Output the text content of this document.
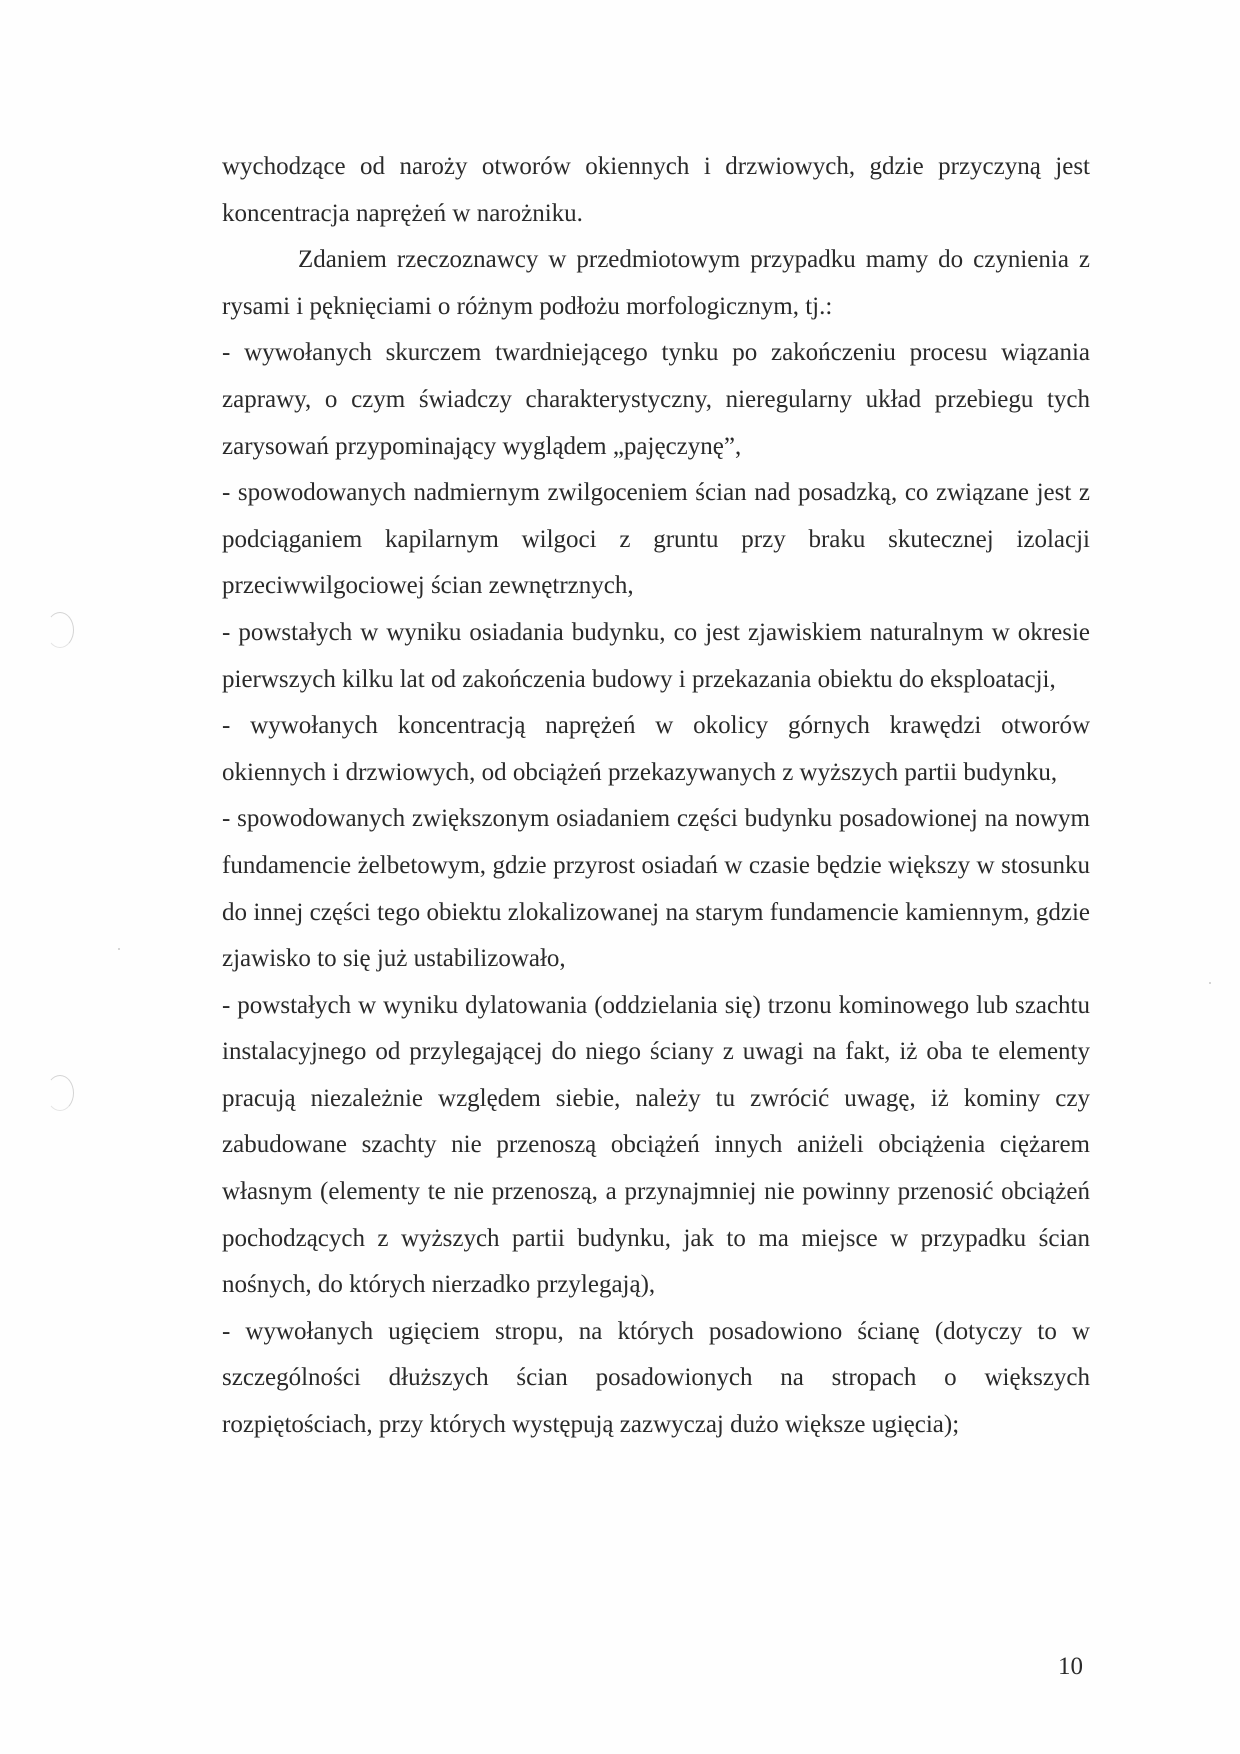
wychodzące od naroży otworów okiennych i drzwiowych, gdzie przyczyną jest koncentracja naprężeń w narożniku.

Zdaniem rzeczoznawcy w przedmiotowym przypadku mamy do czynienia z rysami i pęknięciami o różnym podłożu morfologicznym, tj.:

- wywołanych skurczem twardniejącego tynku po zakończeniu procesu wiązania zaprawy, o czym świadczy charakterystyczny, nieregularny układ przebiegu tych zarysowań przypominający wyglądem „pajęczynę”,

- spowodowanych nadmiernym zwilgoceniem ścian nad posadzką, co związane jest z podciąganiem kapilarnym wilgoci z gruntu przy braku skutecznej izolacji przeciwwilgociowej ścian zewnętrznych,

- powstałych w wyniku osiadania budynku, co jest zjawiskiem naturalnym w okresie pierwszych kilku lat od zakończenia budowy i przekazania obiektu do eksploatacji,

- wywołanych koncentracją naprężeń w okolicy górnych krawędzi otworów okiennych i drzwiowych, od obciążeń przekazywanych z wyższych partii budynku,

- spowodowanych zwiększonym osiadaniem części budynku posadowionej na nowym fundamencie żelbetowym, gdzie przyrost osiadań w czasie będzie większy w stosunku do innej części tego obiektu zlokalizowanej na starym fundamencie kamiennym, gdzie zjawisko to się już ustabilizowało,

- powstałych w wyniku dylatowania (oddzielania się) trzonu kominowego lub szachtu instalacyjnego od przylegającej do niego ściany z uwagi na fakt, iż oba te elementy pracują niezależnie względem siebie, należy tu zwrócić uwagę, iż kominy czy zabudowane szachty nie przenoszą obciążeń innych aniżeli obciążenia ciężarem własnym (elementy te nie przenoszą, a przynajmniej nie powinny przenosić obciążeń pochodzących z wyższych partii budynku, jak to ma miejsce w przypadku ścian nośnych, do których nierzadko przylegają),

- wywołanych ugięciem stropu, na których posadowiono ścianę (dotyczy to w szczególności dłuższych ścian posadowionych na stropach o większych rozpiętościach, przy których występują zazwyczaj dużo większe ugięcia);

10
